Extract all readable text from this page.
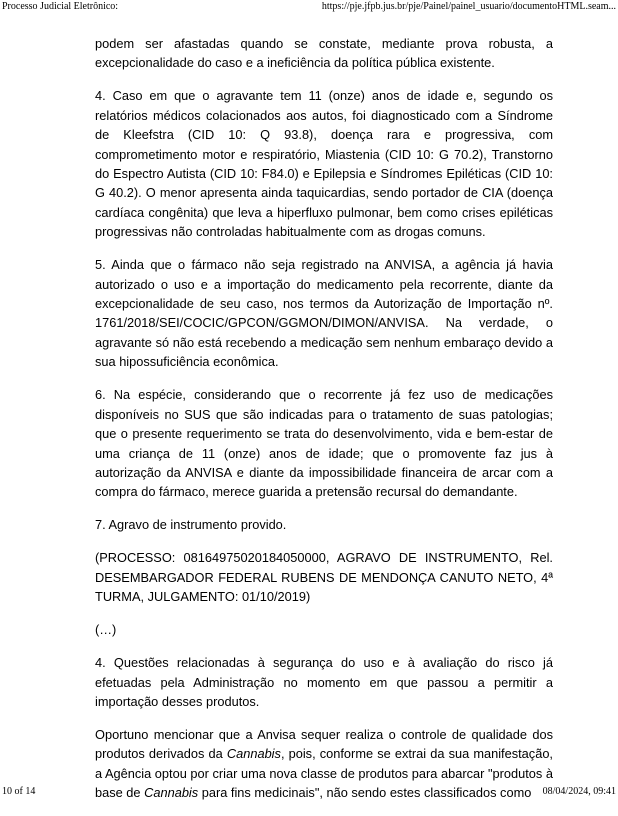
Processo Judicial Eletrônico:	https://pje.jfpb.jus.br/pje/Painel/painel_usuario/documentoHTML.seam...

podem ser afastadas quando se constate, mediante prova robusta, a excepcionalidade do caso e a ineficiência da política pública existente.

4. Caso em que o agravante tem 11 (onze) anos de idade e, segundo os relatórios médicos colacionados aos autos, foi diagnosticado com a Síndrome de Kleefstra (CID 10: Q 93.8), doença rara e progressiva, com comprometimento motor e respiratório, Miastenia (CID 10: G 70.2), Transtorno do Espectro Autista (CID 10: F84.0) e Epilepsia e Síndromes Epiléticas (CID 10: G 40.2). O menor apresenta ainda taquicardias, sendo portador de CIA (doença cardíaca congênita) que leva a hiperfluxo pulmonar, bem como crises epiléticas progressivas não controladas habitualmente com as drogas comuns.

5. Ainda que o fármaco não seja registrado na ANVISA, a agência já havia autorizado o uso e a importação do medicamento pela recorrente, diante da excepcionalidade de seu caso, nos termos da Autorização de Importação nº. 1761/2018/SEI/COCIC/GPCON/GGMON/DIMON/ANVISA. Na verdade, o agravante só não está recebendo a medicação sem nenhum embaraço devido a sua hipossuficiência econômica.

6. Na espécie, considerando que o recorrente já fez uso de medicações disponíveis no SUS que são indicadas para o tratamento de suas patologias; que o presente requerimento se trata do desenvolvimento, vida e bem-estar de uma criança de 11 (onze) anos de idade; que o promovente faz jus à autorização da ANVISA e diante da impossibilidade financeira de arcar com a compra do fármaco, merece guarida a pretensão recursal do demandante.

7. Agravo de instrumento provido.

(PROCESSO: 08164975020184050000, AGRAVO DE INSTRUMENTO, Rel. DESEMBARGADOR FEDERAL RUBENS DE MENDONÇA CANUTO NETO, 4ª TURMA, JULGAMENTO: 01/10/2019)

(…)

4. Questões relacionadas à segurança do uso e à avaliação do risco já efetuadas pela Administração no momento em que passou a permitir a importação desses produtos.

Oportuno mencionar que a Anvisa sequer realiza o controle de qualidade dos produtos derivados da Cannabis, pois, conforme se extrai da sua manifestação, a Agência optou por criar uma nova classe de produtos para abarcar "produtos à base de Cannabis para fins medicinais", não sendo estes classificados como

10 of 14	08/04/2024, 09:41
